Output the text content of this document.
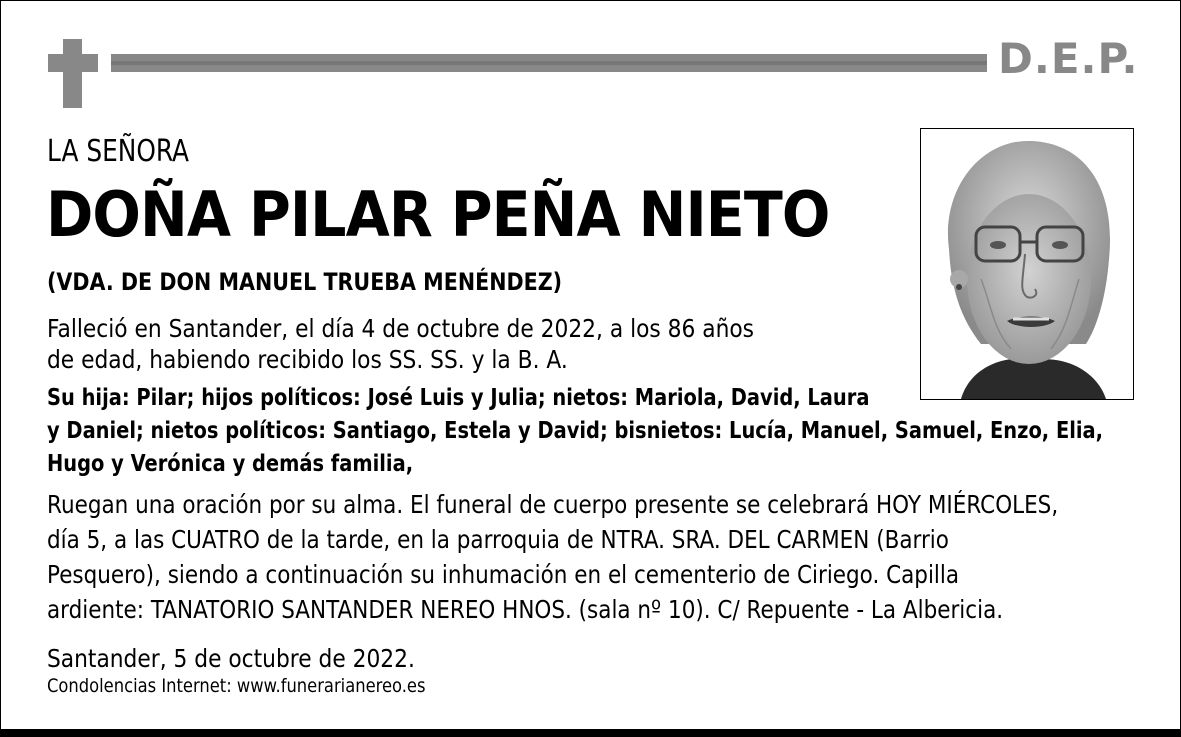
D.E.P.
LA SEÑORA
DOÑA PILAR PEÑA NIETO
(VDA. DE DON MANUEL TRUEBA MENÉNDEZ)
Falleció en Santander, el día 4 de octubre de 2022, a los 86 años
de edad, habiendo recibido los SS. SS. y la B. A.
Su hija: Pilar; hijos políticos: José Luis y Julia; nietos: Mariola, David, Laura
y Daniel; nietos políticos: Santiago, Estela y David; bisnietos: Lucía, Manuel, Samuel, Enzo, Elia,
Hugo y Verónica y demás familia,
Ruegan una oración por su alma. El funeral de cuerpo presente se celebrará HOY MIÉRCOLES,
día 5, a las CUATRO de la tarde, en la parroquia de NTRA. SRA. DEL CARMEN (Barrio
Pesquero), siendo a continuación su inhumación en el cementerio de Ciriego. Capilla
ardiente: TANATORIO SANTANDER NEREO HNOS. (sala nº 10). C/ Repuente - La Albericia.
Santander, 5 de octubre de 2022.
Condolencias Internet: www.funerarianereo.es
